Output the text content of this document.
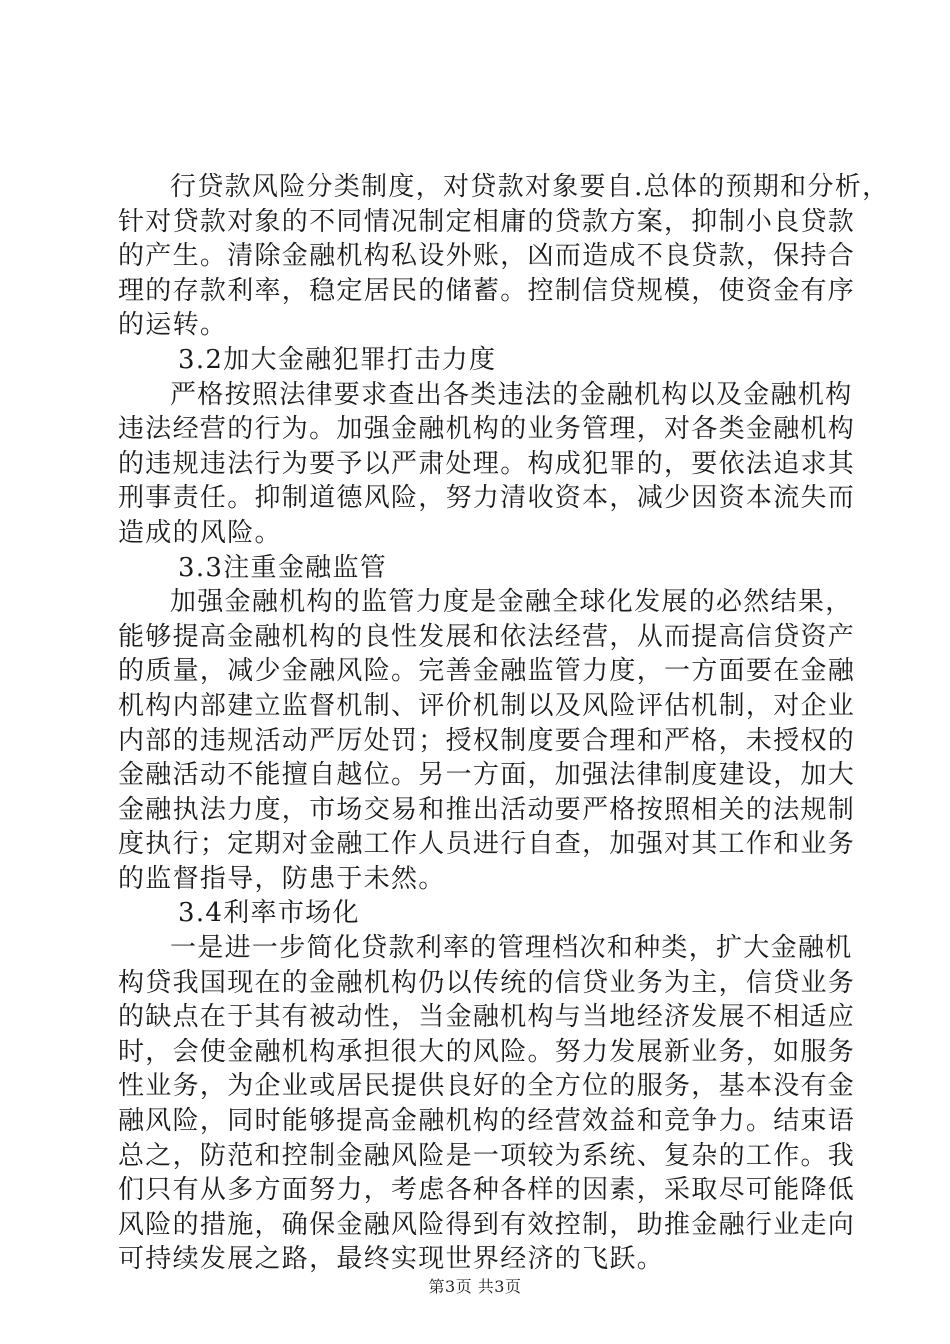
行贷款风险分类制度，对贷款对象要自.总体的预期和分析，
针对贷款对象的不同情况制定相庸的贷款方案，抑制小良贷款
的产生。清除金融机构私设外账，凶而造成不良贷款，保持合
理的存款利率，稳定居民的储蓄。控制信贷规模，使资金有序
的运转。
3.2加大金融犯罪打击力度
严格按照法律要求查出各类违法的金融机构以及金融机构
违法经营的行为。加强金融机构的业务管理，对各类金融机构
的违规违法行为要予以严肃处理。构成犯罪的，要依法追求其
刑事责任。抑制道德风险，努力清收资本，减少因资本流失而
造成的风险。
3.3注重金融监管
加强金融机构的监管力度是金融全球化发展的必然结果，
能够提高金融机构的良性发展和依法经营，从而提高信贷资产
的质量，减少金融风险。完善金融监管力度，一方面要在金融
机构内部建立监督机制、评价机制以及风险评估机制，对企业
内部的违规活动严厉处罚；授权制度要合理和严格，未授权的
金融活动不能擅自越位。另一方面，加强法律制度建设，加大
金融执法力度，市场交易和推出活动要严格按照相关的法规制
度执行；定期对金融工作人员进行自查，加强对其工作和业务
的监督指导，防患于未然。
3.4利率市场化
一是进一步简化贷款利率的管理档次和种类，扩大金融机
构贷我国现在的金融机构仍以传统的信贷业务为主，信贷业务
的缺点在于其有被动性，当金融机构与当地经济发展不相适应
时，会使金融机构承担很大的风险。努力发展新业务，如服务
性业务，为企业或居民提供良好的全方位的服务，基本没有金
融风险，同时能够提高金融机构的经营效益和竞争力。结束语
总之，防范和控制金融风险是一项较为系统、复杂的工作。我
们只有从多方面努力，考虑各种各样的因素，采取尽可能降低
风险的措施，确保金融风险得到有效控制，助推金融行业走向
可持续发展之路，最终实现世界经济的飞跃。
第3页 共3页
